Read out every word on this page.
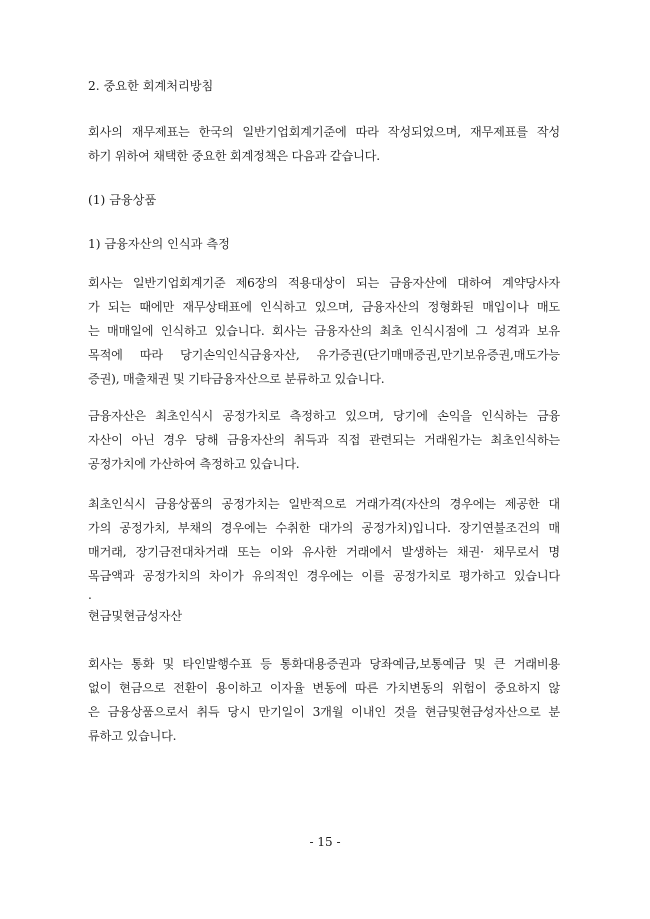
2. 중요한 회계처리방침
회사의 재무제표는 한국의 일반기업회계기준에 따라 작성되었으며, 재무제표를 작성
하기 위하여 채택한 중요한 회계정책은 다음과 같습니다.
(1) 금융상품
1) 금융자산의 인식과 측정
회사는 일반기업회계기준 제6장의 적용대상이 되는 금융자산에 대하여 계약당사자
가 되는 때에만 재무상태표에 인식하고 있으며, 금융자산의 정형화된 매입이나 매도
는 매매일에 인식하고 있습니다. 회사는 금융자산의 최초 인식시점에 그 성격과 보유
목적에 따라 당기손익인식금융자산, 유가증권(단기매매증권,만기보유증권,매도가능
증권), 매출채권 및 기타금융자산으로 분류하고 있습니다.
금융자산은 최초인식시 공정가치로 측정하고 있으며, 당기에 손익을 인식하는 금융
자산이 아닌 경우 당해 금융자산의 취득과 직접 관련되는 거래원가는 최초인식하는
공정가치에 가산하여 측정하고 있습니다.
최초인식시 금융상품의 공정가치는 일반적으로 거래가격(자산의 경우에는 제공한 대
가의 공정가치, 부채의 경우에는 수취한 대가의 공정가치)입니다. 장기연불조건의 매
매거래, 장기금전대차거래 또는 이와 유사한 거래에서 발생하는 채권· 채무로서 명
목금액과 공정가치의 차이가 유의적인 경우에는 이를 공정가치로 평가하고 있습니다
.
현금및현금성자산
회사는 통화 및 타인발행수표 등 통화대용증권과 당좌예금,보통예금 및 큰 거래비용
없이 현금으로 전환이 용이하고 이자율 변동에 따른 가치변동의 위험이 중요하지 않
은 금융상품으로서 취득 당시 만기일이 3개월 이내인 것을 현금및현금성자산으로 분
류하고 있습니다.
- 15 -
